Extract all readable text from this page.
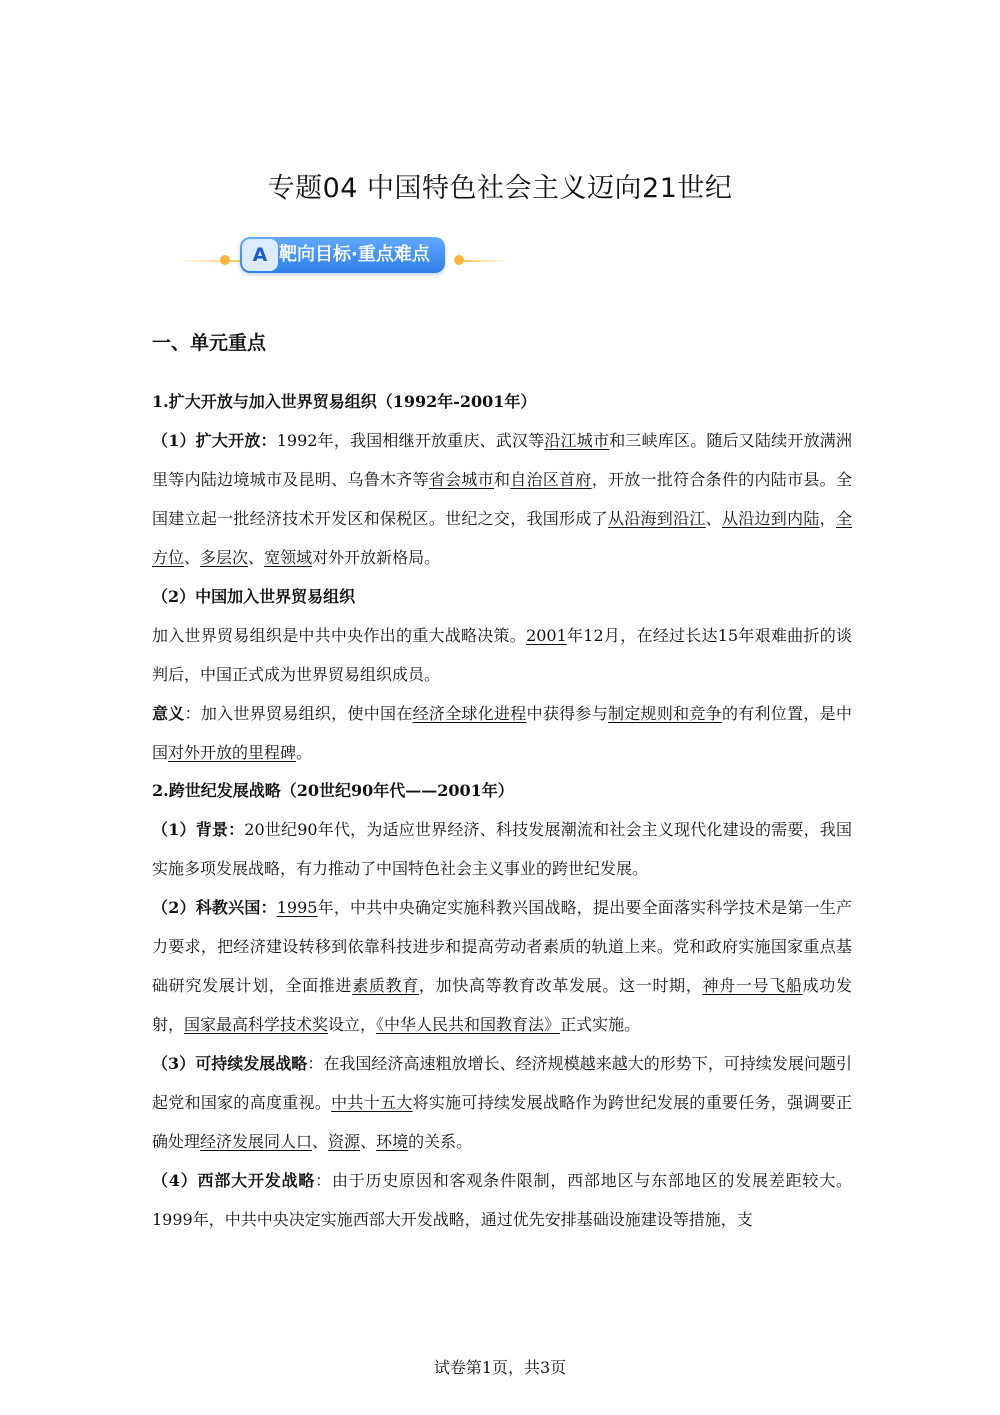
专题04 中国特色社会主义迈向21世纪
A 靶向目标·重点难点
一、单元重点

1.扩大开放与加入世界贸易组织（1992年-2001年）

（1）扩大开放：1992年，我国相继开放重庆、武汉等沿江城市和三峡库区。随后又陆续开放满洲里等内陆边境城市及昆明、乌鲁木齐等省会城市和自治区首府，开放一批符合条件的内陆市县。全国建立起一批经济技术开发区和保税区。世纪之交，我国形成了从沿海到沿江、从沿边到内陆，全方位、多层次、宽领域对外开放新格局。

（2）中国加入世界贸易组织

加入世界贸易组织是中共中央作出的重大战略决策。2001年12月，在经过长达15年艰难曲折的谈判后，中国正式成为世界贸易组织成员。

意义：加入世界贸易组织，使中国在经济全球化进程中获得参与制定规则和竞争的有利位置，是中国对外开放的里程碑。

2.跨世纪发展战略（20世纪90年代——2001年）

（1）背景：20世纪90年代，为适应世界经济、科技发展潮流和社会主义现代化建设的需要，我国实施多项发展战略，有力推动了中国特色社会主义事业的跨世纪发展。

（2）科教兴国：1995年，中共中央确定实施科教兴国战略，提出要全面落实科学技术是第一生产力要求，把经济建设转移到依靠科技进步和提高劳动者素质的轨道上来。党和政府实施国家重点基础研究发展计划，全面推进素质教育，加快高等教育改革发展。这一时期，神舟一号飞船成功发射，国家最高科学技术奖设立，《中华人民共和国教育法》正式实施。

（3）可持续发展战略：在我国经济高速粗放增长、经济规模越来越大的形势下，可持续发展问题引起党和国家的高度重视。中共十五大将实施可持续发展战略作为跨世纪发展的重要任务，强调要正确处理经济发展同人口、资源、环境的关系。

（4）西部大开发战略：由于历史原因和客观条件限制，西部地区与东部地区的发展差距较大。1999年，中共中央决定实施西部大开发战略，通过优先安排基础设施建设等措施，支

试卷第1页，共3页
